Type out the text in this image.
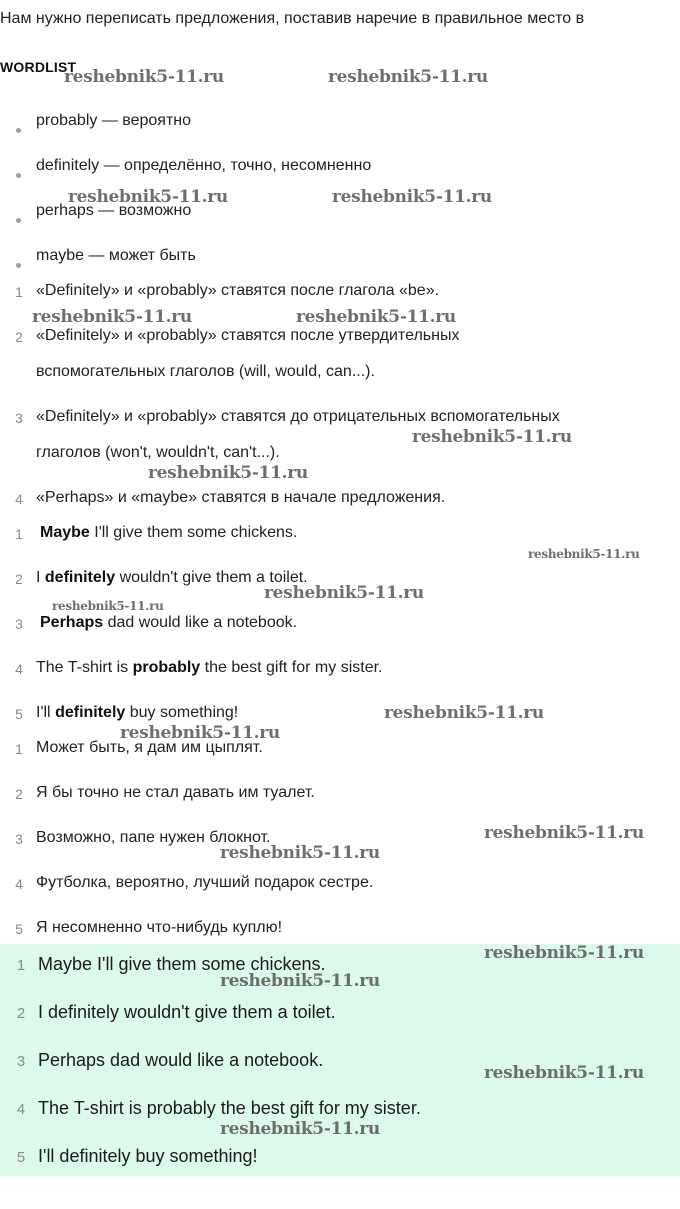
Нам нужно переписать предложения, поставив наречие в правильное место в
WORDLIST
probably — вероятно
definitely — определённо, точно, несомненно
perhaps — возможно
maybe — может быть
1 «Definitely» и «probably» ставятся после глагола «be».
2 «Definitely» и «probably» ставятся после утвердительных
вспомогательных глаголов (will, would, can...).
3 «Definitely» и «probably» ставятся до отрицательных вспомогательных
глаголов (won't, wouldn't, can't...).
4 «Perhaps» и «maybe» ставятся в начале предложения.
1 Maybe I'll give them some chickens.
2 I definitely wouldn't give them a toilet.
3 Perhaps dad would like a notebook.
4 The T-shirt is probably the best gift for my sister.
5 I'll definitely buy something!
1 Может быть, я дам им цыплят.
2 Я бы точно не стал давать им туалет.
3 Возможно, папе нужен блокнот.
4 Футболка, вероятно, лучший подарок сестре.
5 Я несомненно что-нибудь куплю!
1 Maybe I'll give them some chickens.
2 I definitely wouldn't give them a toilet.
3 Perhaps dad would like a notebook.
4 The T-shirt is probably the best gift for my sister.
5 I'll definitely buy something!
reshebnik5-11.ru	reshebnik5-11.ru
reshebnik5-11.ru	reshebnik5-11.ru
reshebnik5-11.ru	reshebnik5-11.ru
reshebnik5-11.ru
reshebnik5-11.ru
reshebnik5-11.ru
reshebnik5-11.ru
reshebnik5-11.ru
reshebnik5-11.ru
reshebnik5-11.ru
reshebnik5-11.ru
reshebnik5-11.ru
reshebnik5-11.ru
reshebnik5-11.ru
reshebnik5-11.ru
reshebnik5-11.ru
